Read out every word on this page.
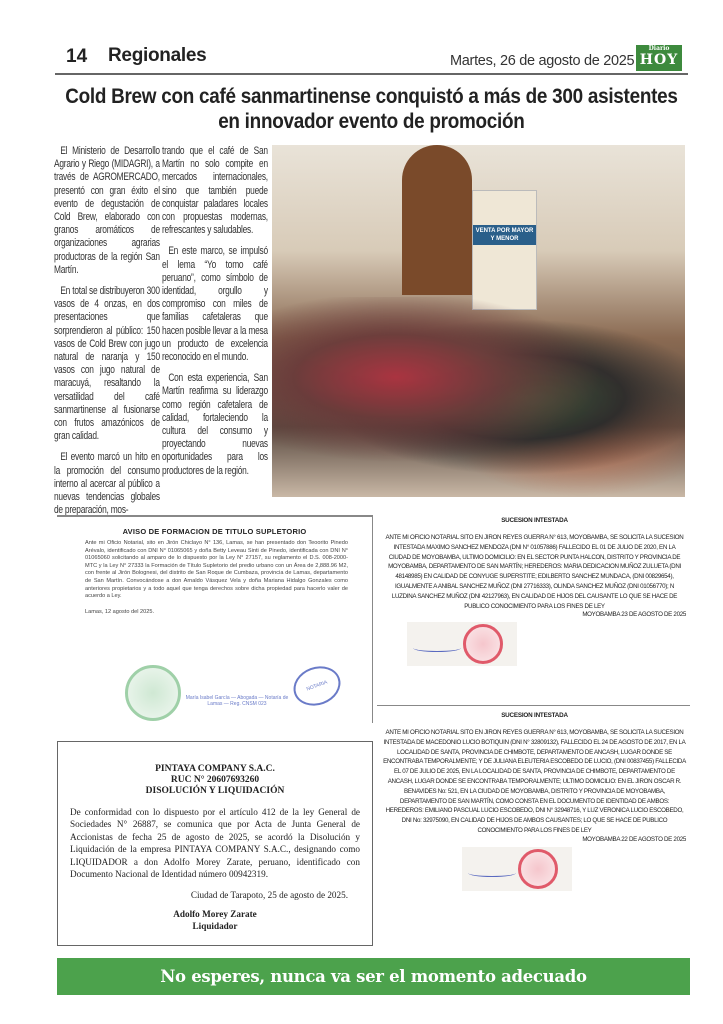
14 Regionales	Martes, 26 de agosto de 2025
Diario
HOY
Cold Brew con café sanmartinense conquistó a más de 300 asistentes en innovador evento de promoción

El Ministerio de Desarrollo Agrario y Riego (MIDAGRI), a través de AGROMERCADO, presentó con gran éxito el evento de degustación de Cold Brew, elaborado con granos aromáticos de organizaciones agrarias productoras de la región San Martín.

En total se distribuyeron 300 vasos de 4 onzas, en dos presentaciones que sorprendieron al público: 150 vasos de Cold Brew con jugo natural de naranja y 150 vasos con jugo natural de maracuyá, resaltando la versatilidad del café sanmartinense al fusionarse con frutos amazónicos de gran calidad.

El evento marcó un hito en la promoción del consumo interno al acercar al público a nuevas tendencias globales de preparación, mos-

trando que el café de San Martín no solo compite en mercados internacionales, sino que también puede conquistar paladares locales con propuestas modernas, refrescantes y saludables.

En este marco, se impulsó el lema “Yo tomo café peruano”, como símbolo de identidad, orgullo y compromiso con miles de familias cafetaleras que hacen posible llevar a la mesa un producto de excelencia reconocido en el mundo.

Con esta experiencia, San Martín reafirma su liderazgo como región cafetalera de calidad, fortaleciendo la cultura del consumo y proyectando nuevas oportunidades para los productores de la región.

VENTA POR MAYOR Y MENOR
AVISO DE FORMACION DE TITULO SUPLETORIO
Ante mi Oficio Notarial, sito en Jirón Chiclayo N° 136, Lamas, se han presentado don Teoorito Pinedo Arévalo, identificado con DNI N° 01065065 y doña Betty Leveau Sinti de Pinedo, identificada con DNI N° 01065060 solicitando al amparo de lo dispuesto por la Ley N° 27157, su reglamento el D.S. 008-2000-MTC y la Ley N° 27333 la Formación de Título Supletorio del predio urbano con un Área de 2,888.96 M2, con frente al Jirón Bolognesi, del distrito de San Roque de Cumbaza, provincia de Lamas, departamento de San Martín. Convocándose a don Arnaldo Vásquez Vela y doña Mariana Hidalgo Gonzales como anteriores propietarios y a todo aquel que tenga derechos sobre dicha propiedad para hacerlo valer de acuerdo a Ley.
Lamas, 12 agosto del 2025.
NOTARIA
María Isabel García — Abogada — Notaría de Lamas — Reg. CNSM 023
SUCESION INTESTADA
ANTE MI OFICIO NOTARIAL SITO EN JIRON REYES GUERRA N° 613, MOYOBAMBA, SE SOLICITA LA SUCESION INTESTADA MAXIMO SANCHEZ MENDOZA (DNI N° 01057886) FALLECIDO EL 01 DE JULIO DE 2020, EN LA CIUDAD DE MOYOBAMBA, ULTIMO DOMICILIO: EN EL SECTOR PUNTA HALCON, DISTRITO Y PROVINCIA DE MOYOBAMBA, DEPARTAMENTO DE SAN MARTÍN; HEREDEROS: MARIA DEDICACION MUÑOZ ZULUETA (DNI 48148985) EN CALIDAD DE CONYUGE SUPERSTITE; EDILBERTO SANCHEZ MUNDACA, (DNI 00829654), IGUALMENTE A ANIBAL SANCHEZ MUÑOZ (DNI 27716333), OLINDA SANCHEZ MUÑOZ (DNI 01056770); N LUZDINA SANCHEZ MUÑOZ (DNI 42127963), EN CALIDAD DE HIJOS DEL CAUSANTE LO QUE SE HACE DE PUBLICO CONOCIMIENTO PARA LOS FINES DE LEY
MOYOBAMBA 23 DE AGOSTO DE 2025
SUCESION INTESTADA
ANTE MI OFICIO NOTARIAL SITO EN JIRON REYES GUERRA N° 613, MOYOBAMBA, SE SOLICITA LA SUCESION INTESTADA DE MACEDONIO LUCIO BOTIQUIN (DNI N° 32809132), FALLECIDO EL 24 DE AGOSTO DE 2017, EN LA LOCALIDAD DE SANTA, PROVINCIA DE CHIMBOTE, DEPARTAMENTO DE ANCASH, LUGAR DONDE SE ENCONTRABA TEMPORALMENTE; Y DE JULIANA ELEUTERIA ESCOBEDO DE LUCIO, (DNI 00837455) FALLECIDA EL 07 DE JULIO DE 2025, EN LA LOCALIDAD DE SANTA, PROVINCIA DE CHIMBOTE, DEPARTAMENTO DE ANCASH, LUGAR DONDE SE ENCONTRABA TEMPORALMENTE; ULTIMO DOMICILIO: EN EL JIRON OSCAR R. BENAVIDES No: 521, EN LA CIUDAD DE MOYOBAMBA, DISTRITO Y PROVINCIA DE MOYOBAMBA, DEPARTAMENTO DE SAN MARTÍN, COMO CONSTA EN EL DOCUMENTO DE IDENTIDAD DE AMBOS: HEREDEROS: EMILIANO PASCUAL LUCIO ESCOBEDO, DNI N° 32948716, Y LUZ VERONICA LUCIO ESCOBEDO, DNI No: 32975090, EN CALIDAD DE HIJOS DE AMBOS CAUSANTES; LO QUE SE HACE DE PUBLICO CONOCIMIENTO PARA LOS FINES DE LEY
MOYOBAMBA 22 DE AGOSTO DE 2025
PINTAYA COMPANY S.A.C.
RUC N° 20607693260
DISOLUCIÓN Y LIQUIDACIÓN
De conformidad con lo dispuesto por el artículo 412 de la ley General de Sociedades N° 26887, se comunica que por Acta de Junta General de Accionistas de fecha 25 de agosto de 2025, se acordó la Disolución y Liquidación de la empresa PINTAYA COMPANY S.A.C., designando como LIQUIDADOR a don Adolfo Morey Zarate, peruano, identificado con Documento Nacional de Identidad número 00942319.
Ciudad de Tarapoto, 25 de agosto de 2025.
Adolfo Morey Zarate
Liquidador
No esperes, nunca va ser el momento adecuado
